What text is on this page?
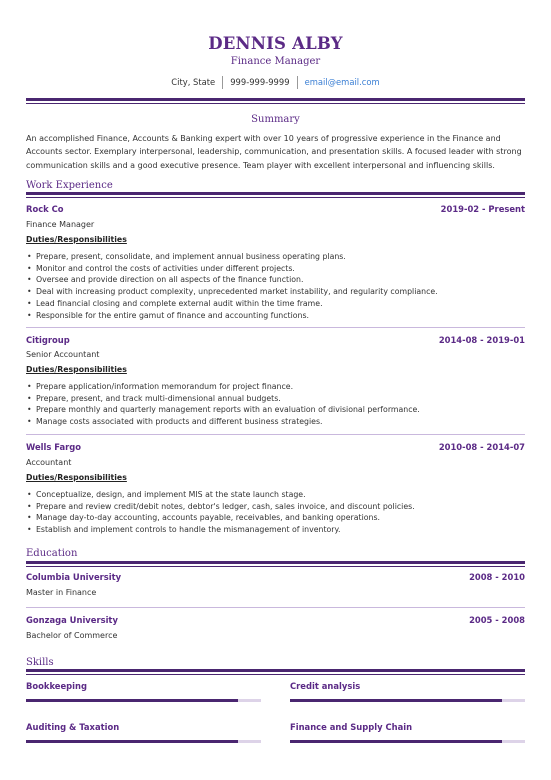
DENNIS ALBY
Finance Manager
City, State 999-999-9999 email@email.com
Summary
An accomplished Finance, Accounts & Banking expert with over 10 years of progressive experience in the Finance and Accounts sector. Exemplary interpersonal, leadership, communication, and presentation skills. A focused leader with strong communication skills and a good executive presence. Team player with excellent interpersonal and influencing skills.
Work Experience
Rock Co	2019-02 - Present
Finance Manager
Duties/Responsibilities
• Prepare, present, consolidate, and implement annual business operating plans.
• Monitor and control the costs of activities under different projects.
• Oversee and provide direction on all aspects of the finance function.
• Deal with increasing product complexity, unprecedented market instability, and regularity compliance.
• Lead financial closing and complete external audit within the time frame.
• Responsible for the entire gamut of finance and accounting functions.
Citigroup	2014-08 - 2019-01
Senior Accountant
Duties/Responsibilities
• Prepare application/information memorandum for project finance.
• Prepare, present, and track multi-dimensional annual budgets.
• Prepare monthly and quarterly management reports with an evaluation of divisional performance.
• Manage costs associated with products and different business strategies.
Wells Fargo	2010-08 - 2014-07
Accountant
Duties/Responsibilities
• Conceptualize, design, and implement MIS at the state launch stage.
• Prepare and review credit/debit notes, debtor's ledger, cash, sales invoice, and discount policies.
• Manage day-to-day accounting, accounts payable, receivables, and banking operations.
• Establish and implement controls to handle the mismanagement of inventory.
Education
Columbia University	2008 - 2010
Master in Finance
Gonzaga University	2005 - 2008
Bachelor of Commerce
Skills
Bookkeeping	Credit analysis
Auditing & Taxation	Finance and Supply Chain
